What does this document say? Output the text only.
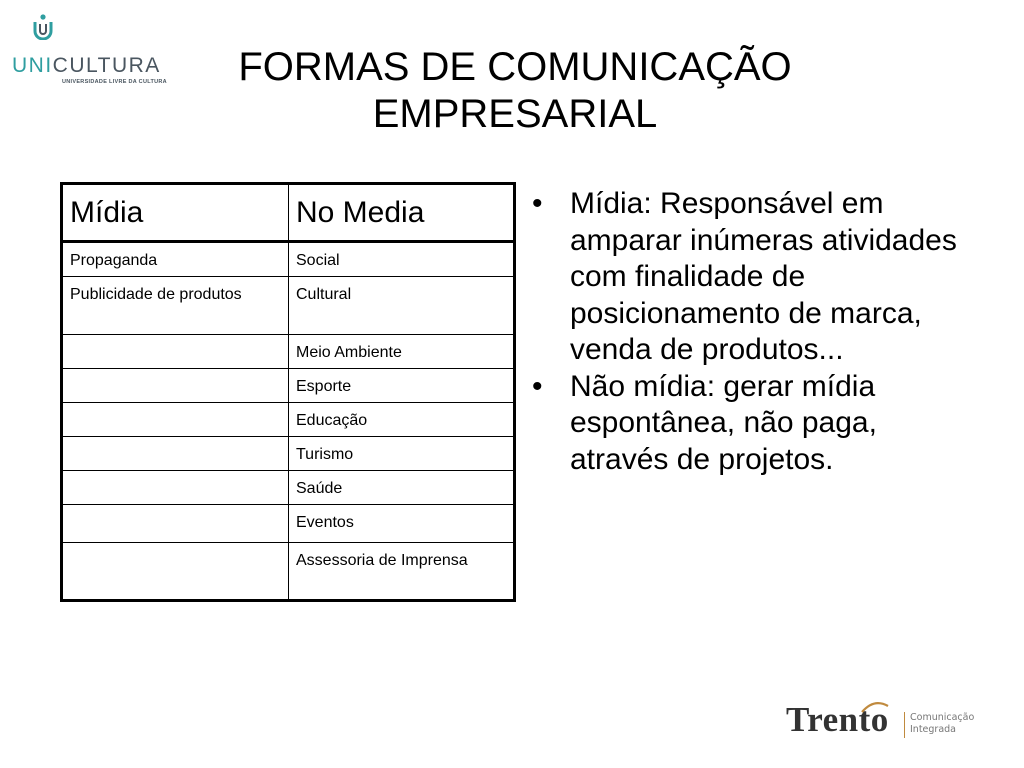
UNICULTURA
UNIVERSIDADE LIVRE DA CULTURA	FORMAS DE COMUNICAÇÃO
EMPRESARIAL
Mídia	No Media
Propaganda	Social
Publicidade de produtos	Cultural
	Meio Ambiente
	Esporte
	Educação
	Turismo
	Saúde
	Eventos
	Assessoria de Imprensa
• Mídia: Responsável em amparar inúmeras atividades com finalidade de posicionamento de marca, venda de produtos...
• Não mídia: gerar mídia espontânea, não paga, através de projetos.
Trento Comunicação
Integrada
